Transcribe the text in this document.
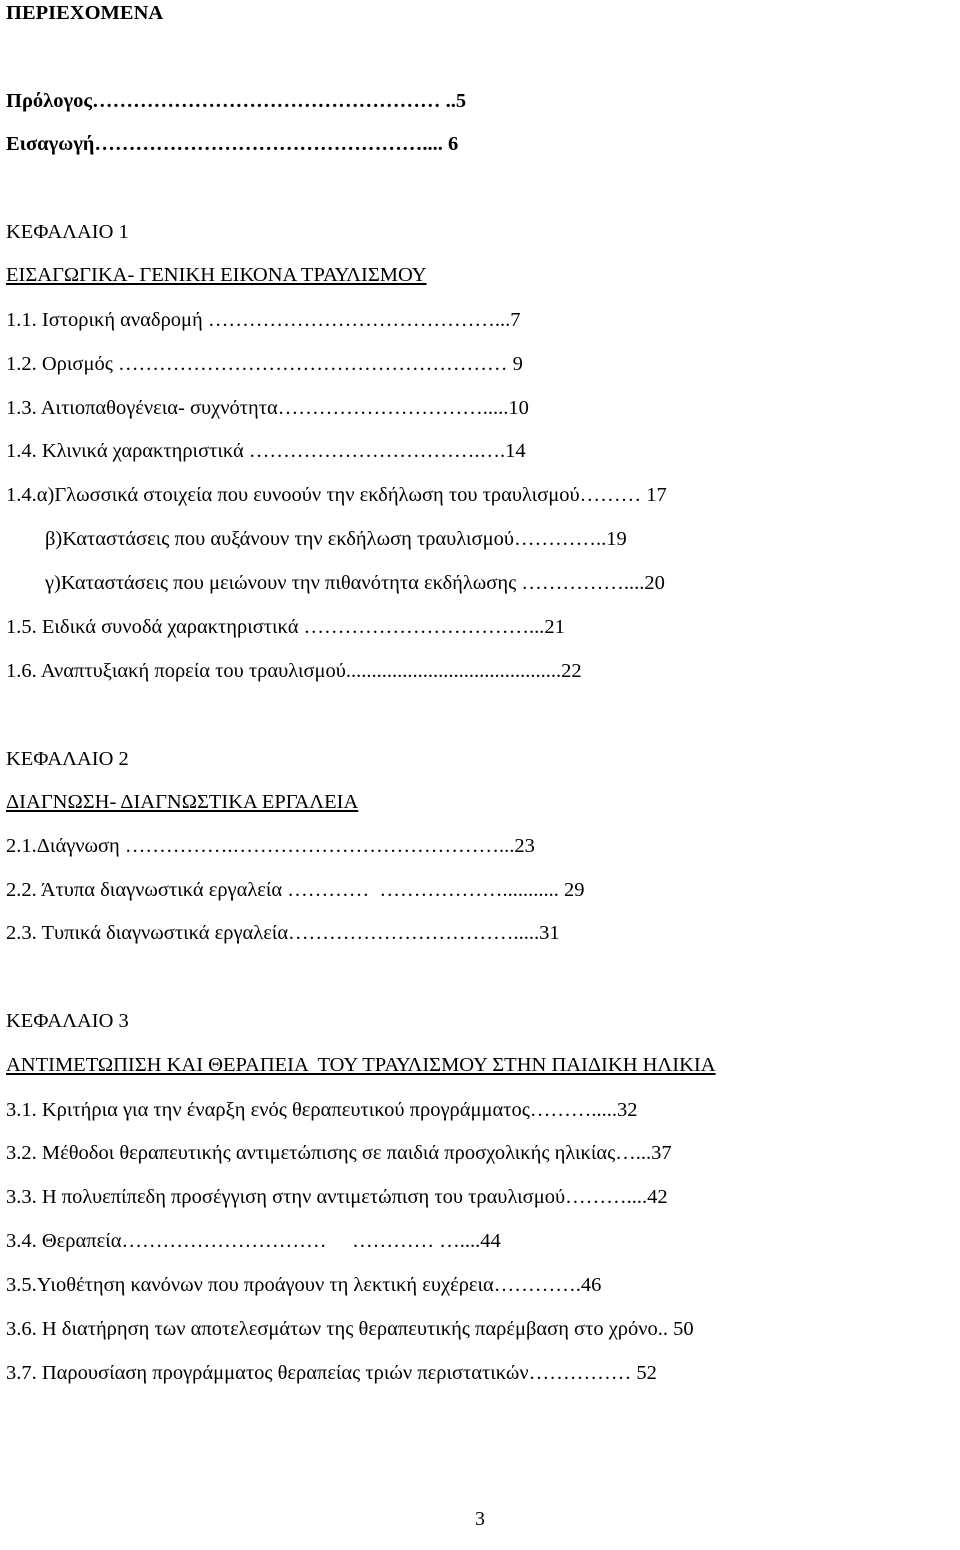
ΠΕΡΙΕΧΟΜΕΝΑ
Πρόλογος…………………………………………… ..5
Εισαγωγή………………………………………….... 6
ΚΕΦΑΛΑΙΟ 1
ΕΙΣΑΓΩΓΙΚΑ- ΓΕΝΙΚΗ ΕΙΚΟΝΑ ΤΡΑΥΛΙΣΜΟΥ
1.1. Ιστορική αναδρομή ……………………………………...7
1.2. Ορισμός ………………………………………………… 9
1.3. Αιτιοπαθογένεια- συχνότητα………………………….....10
1.4. Κλινικά χαρακτηριστικά …………………………….….14
1.4.α)Γλωσσικά στοιχεία που ευνοούν την εκδήλωση του τραυλισμού……… 17
β)Καταστάσεις που αυξάνουν την εκδήλωση τραυλισμού…………..19
γ)Καταστάσεις που μειώνουν την πιθανότητα εκδήλωσης ……………....20
1.5. Ειδικά συνοδά χαρακτηριστικά ……………………………...21
1.6. Αναπτυξιακή πορεία του τραυλισμού..........................................22
ΚΕΦΑΛΑΙΟ 2
ΔΙΑΓΝΩΣΗ- ΔΙΑΓΝΩΣΤΙΚΑ ΕΡΓΑΛΕΙΑ
2.1.Διάγνωση …………….…………………………………...23
2.2. Άτυπα διαγνωστικά εργαλεία …………  ………………........... 29
2.3. Τυπικά διαγνωστικά εργαλεία…………………………….....31
ΚΕΦΑΛΑΙΟ 3
ΑΝΤΙΜΕΤΩΠΙΣΗ ΚΑΙ ΘΕΡΑΠΕΙΑ  ΤΟΥ ΤΡΑΥΛΙΣΜΟΥ ΣΤΗΝ ΠΑΙΔΙΚΗ ΗΛΙΚΙΑ
3.1. Κριτήρια για την έναρξη ενός θεραπευτικού προγράμματος……….....32
3.2. Μέθοδοι θεραπευτικής αντιμετώπισης σε παιδιά προσχολικής ηλικίας…...37
3.3. Η πολυεπίπεδη προσέγγιση στην αντιμετώπιση του τραυλισμού………....42
3.4. Θεραπεία…………………………     ………… …....44
3.5.Υιοθέτηση κανόνων που προάγουν τη λεκτική ευχέρεια………….46
3.6. Η διατήρηση των αποτελεσμάτων της θεραπευτικής παρέμβαση στο χρόνο.. 50
3.7. Παρουσίαση προγράμματος θεραπείας τριών περιστατικών…………… 52
3
